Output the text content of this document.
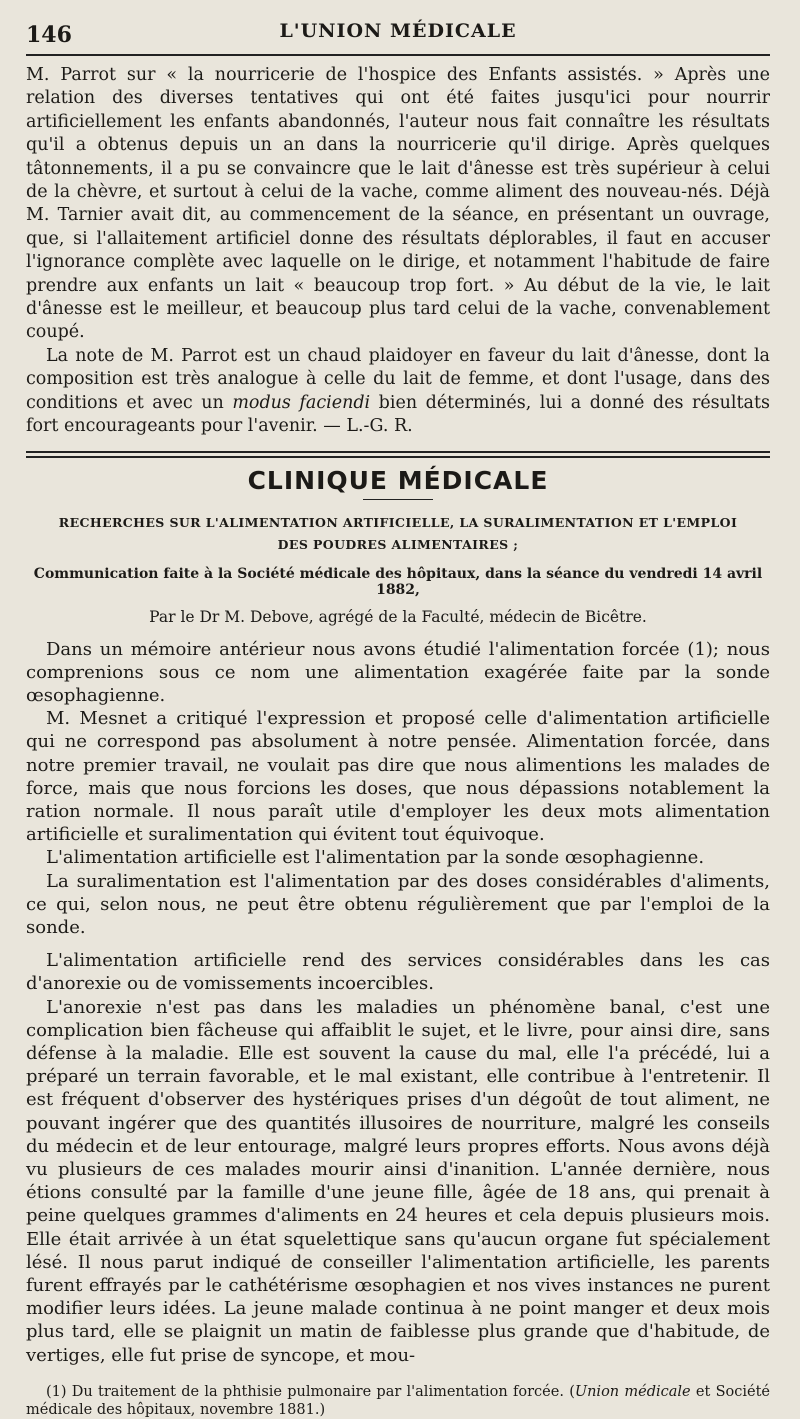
146	L'UNION MÉDICALE

M. Parrot sur « la nourricerie de l'hospice des Enfants assistés. » Après une relation des diverses tentatives qui ont été faites jusqu'ici pour nourrir artificiellement les enfants abandonnés, l'auteur nous fait connaître les résultats qu'il a obtenus depuis un an dans la nourricerie qu'il dirige. Après quelques tâtonnements, il a pu se convaincre que le lait d'ânesse est très supérieur à celui de la chèvre, et surtout à celui de la vache, comme aliment des nouveau-nés. Déjà M. Tarnier avait dit, au commencement de la séance, en présentant un ouvrage, que, si l'allaitement artificiel donne des résultats déplorables, il faut en accuser l'ignorance complète avec laquelle on le dirige, et notamment l'habitude de faire prendre aux enfants un lait « beaucoup trop fort. » Au début de la vie, le lait d'ânesse est le meilleur, et beaucoup plus tard celui de la vache, convenablement coupé.

La note de M. Parrot est un chaud plaidoyer en faveur du lait d'ânesse, dont la composition est très analogue à celle du lait de femme, et dont l'usage, dans des conditions et avec un modus faciendi bien déterminés, lui a donné des résultats fort encourageants pour l'avenir. — L.-G. R.

CLINIQUE MÉDICALE
RECHERCHES SUR L'ALIMENTATION ARTIFICIELLE, LA SURALIMENTATION ET L'EMPLOI
DES POUDRES ALIMENTAIRES ;
Communication faite à la Société médicale des hôpitaux, dans la séance du vendredi 14 avril 1882,
Par le Dr M. Debove, agrégé de la Faculté, médecin de Bicêtre.

Dans un mémoire antérieur nous avons étudié l'alimentation forcée (1); nous comprenions sous ce nom une alimentation exagérée faite par la sonde œsophagienne.

M. Mesnet a critiqué l'expression et proposé celle d'alimentation artificielle qui ne correspond pas absolument à notre pensée. Alimentation forcée, dans notre premier travail, ne voulait pas dire que nous alimentions les malades de force, mais que nous forcions les doses, que nous dépassions notablement la ration normale. Il nous paraît utile d'employer les deux mots alimentation artificielle et suralimentation qui évitent tout équivoque.

L'alimentation artificielle est l'alimentation par la sonde œsophagienne.

La suralimentation est l'alimentation par des doses considérables d'aliments, ce qui, selon nous, ne peut être obtenu régulièrement que par l'emploi de la sonde.

L'alimentation artificielle rend des services considérables dans les cas d'anorexie ou de vomissements incoercibles.

L'anorexie n'est pas dans les maladies un phénomène banal, c'est une complication bien fâcheuse qui affaiblit le sujet, et le livre, pour ainsi dire, sans défense à la maladie. Elle est souvent la cause du mal, elle l'a précédé, lui a préparé un terrain favorable, et le mal existant, elle contribue à l'entretenir. Il est fréquent d'observer des hystériques prises d'un dégoût de tout aliment, ne pouvant ingérer que des quantités illusoires de nourriture, malgré les conseils du médecin et de leur entourage, malgré leurs propres efforts. Nous avons déjà vu plusieurs de ces malades mourir ainsi d'inanition. L'année dernière, nous étions consulté par la famille d'une jeune fille, âgée de 18 ans, qui prenait à peine quelques grammes d'aliments en 24 heures et cela depuis plusieurs mois. Elle était arrivée à un état squelettique sans qu'aucun organe fut spécialement lésé. Il nous parut indiqué de conseiller l'alimentation artificielle, les parents furent effrayés par le cathétérisme œsophagien et nos vives instances ne purent modifier leurs idées. La jeune malade continua à ne point manger et deux mois plus tard, elle se plaignit un matin de faiblesse plus grande que d'habitude, de vertiges, elle fut prise de syncope, et mou-

(1) Du traitement de la phthisie pulmonaire par l'alimentation forcée. (Union médicale et Société médicale des hôpitaux, novembre 1881.)
